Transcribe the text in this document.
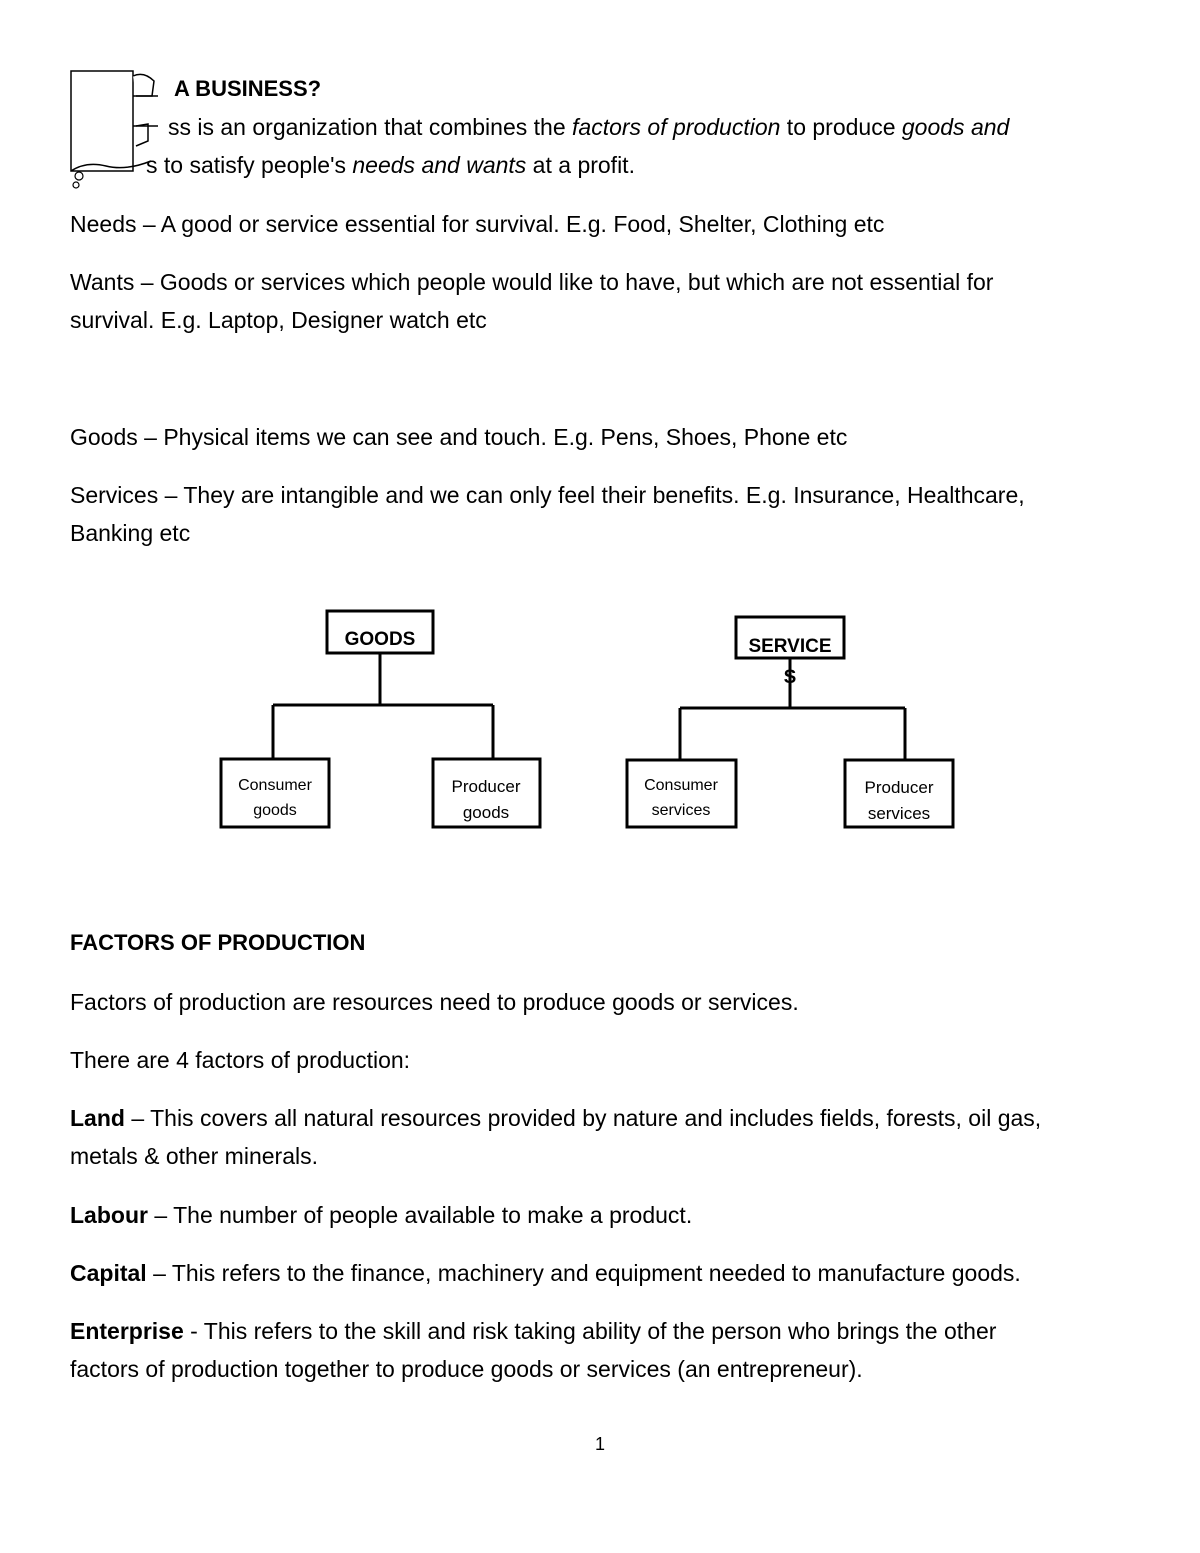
A BUSINESS?

ss is an organization that combines the factors of production to produce goods and

s to satisfy people's needs and wants at a profit.

Needs – A good or service essential for survival. E.g. Food, Shelter, Clothing etc

Wants – Goods or services which people would like to have, but which are not essential for

survival. E.g. Laptop, Designer watch etc

Goods – Physical items we can see and touch. E.g. Pens, Shoes, Phone etc

Services – They are intangible and we can only feel their benefits. E.g. Insurance, Healthcare,

Banking etc

GOODS
Consumer
goods
Producer
goods
SERVICE
S
Consumer
services
Producer
services

FACTORS OF PRODUCTION

Factors of production are resources need to produce goods or services.

There are 4 factors of production:

Land – This covers all natural resources provided by nature and includes fields, forests, oil gas,

metals & other minerals.

Labour – The number of people available to make a product.

Capital – This refers to the finance, machinery and equipment needed to manufacture goods.

Enterprise - This refers to the skill and risk taking ability of the person who brings the other

factors of production together to produce goods or services (an entrepreneur).

1
